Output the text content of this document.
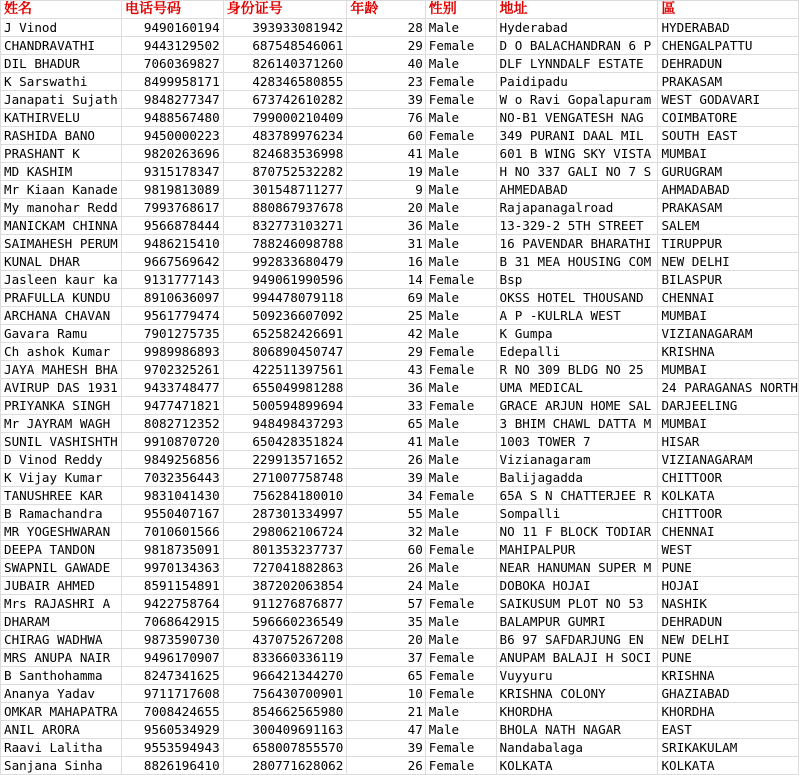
姓名	电话号码	身份证号	年龄	性别	地址	區
J Vinod	9490160194	393933081942	28	Male	Hyderabad	HYDERABAD
CHANDRAVATHI	9443129502	687548546061	29	Female	D O BALACHANDRAN 6 P	CHENGALPATTU
DIL BHADUR	7060369827	826140371260	40	Male	DLF LYNNDALF ESTATE	DEHRADUN
K Sarswathi	8499958171	428346580855	23	Female	Paidipadu	PRAKASAM
Janapati Sujath	9848277347	673742610282	39	Female	W o Ravi Gopalapuram	WEST GODAVARI
KATHIRVELU	9488567480	799000210409	76	Male	NO-B1 VENGATESH NAG	COIMBATORE
RASHIDA BANO	9450000223	483789976234	60	Female	349 PURANI DAAL MIL	SOUTH EAST
PRASHANT K	9820263696	824683536998	41	Male	601 B WING SKY VISTA	MUMBAI
MD KASHIM	9315178347	870752532282	19	Male	H NO 337 GALI NO 7 S	GURUGRAM
Mr Kiaan Kanade	9819813089	301548711277	9	Male	AHMEDABAD	AHMADABAD
My manohar Redd	7993768617	880867937678	20	Male	Rajapanagalroad	PRAKASAM
MANICKAM CHINNA	9566878444	832773103271	36	Male	13-329-2 5TH STREET	SALEM
SAIMAHESH PERUM	9486215410	788246098788	31	Male	16 PAVENDAR BHARATHI	TIRUPPUR
KUNAL DHAR	9667569642	992833680479	16	Male	B 31 MEA HOUSING COM	NEW DELHI
Jasleen kaur ka	9131777143	949061990596	14	Female	Bsp	BILASPUR
PRAFULLA KUNDU	8910636097	994478079118	69	Male	OKSS HOTEL THOUSAND	CHENNAI
ARCHANA CHAVAN	9561779474	509236607092	25	Male	A P -KULRLA WEST	MUMBAI
Gavara Ramu	7901275735	652582426691	42	Male	K Gumpa	VIZIANAGARAM
Ch ashok Kumar	9989986893	806890450747	29	Female	Edepalli	KRISHNA
JAYA MAHESH BHA	9702325261	422511397561	43	Female	R NO 309 BLDG NO 25	MUMBAI
AVIRUP DAS 1931	9433748477	655049981288	36	Male	UMA MEDICAL	24 PARAGANAS NORTH
PRIYANKA SINGH	9477471821	500594899694	33	Female	GRACE ARJUN HOME SAL	DARJEELING
Mr JAYRAM WAGH	8082712352	948498437293	65	Male	3 BHIM CHAWL DATTA M	MUMBAI
SUNIL VASHISHTH	9910870720	650428351824	41	Male	1003 TOWER 7	HISAR
D Vinod Reddy	9849256856	229913571652	26	Male	Vizianagaram	VIZIANAGARAM
K Vijay Kumar	7032356443	271007758748	39	Male	Balijagadda	CHITTOOR
TANUSHREE KAR	9831041430	756284180010	34	Female	65A S N CHATTERJEE R	KOLKATA
B Ramachandra	9550407167	287301334997	55	Male	Sompalli	CHITTOOR
MR YOGESHWARAN	7010601566	298062106724	32	Male	NO 11 F BLOCK TODIAR	CHENNAI
DEEPA TANDON	9818735091	801353237737	60	Female	MAHIPALPUR	WEST
SWAPNIL GAWADE	9970134363	727041882863	26	Male	NEAR HANUMAN SUPER M	PUNE
JUBAIR AHMED	8591154891	387202063854	24	Male	DOBOKA HOJAI	HOJAI
Mrs RAJASHRI A	9422758764	911276876877	57	Female	SAIKUSUM PLOT NO 53	NASHIK
DHARAM	7068642915	596660236549	35	Male	BALAMPUR GUMRI	DEHRADUN
CHIRAG WADHWA	9873590730	437075267208	20	Male	B6 97 SAFDARJUNG EN	NEW DELHI
MRS ANUPA NAIR	9496170907	833660336119	37	Female	ANUPAM BALAJI H SOCI	PUNE
B Santhohamma	8247341625	966421344270	65	Female	Vuyyuru	KRISHNA
Ananya Yadav	9711717608	756430700901	10	Female	KRISHNA COLONY	GHAZIABAD
OMKAR MAHAPATRA	7008424655	854662565980	21	Male	KHORDHA	KHORDHA
ANIL ARORA	9560534929	300409691163	47	Male	BHOLA NATH NAGAR	EAST
Raavi Lalitha	9553594943	658007855570	39	Female	Nandabalaga	SRIKAKULAM
Sanjana Sinha	8826196410	280771628062	26	Female	KOLKATA	KOLKATA
